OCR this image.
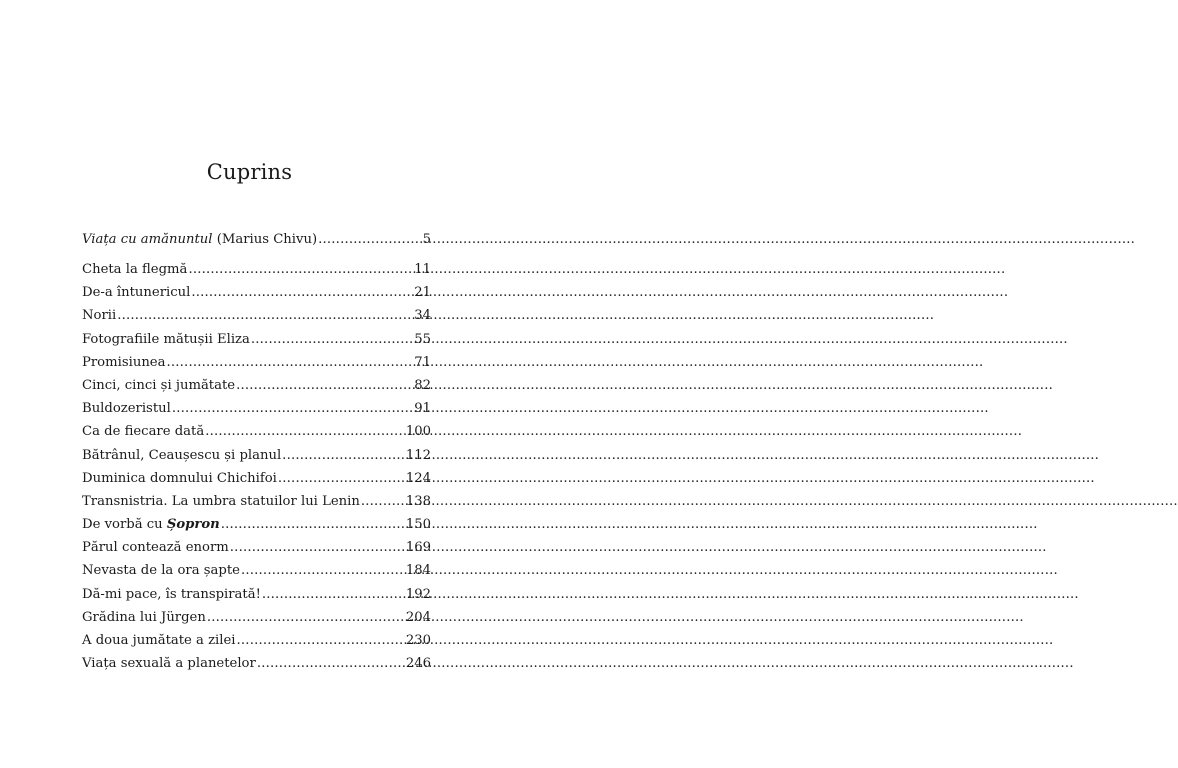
Cuprins
Viața cu amănuntul (Marius Chivu) .....	5
Cheta la flegmă .....	11
De-a întunericul .....	21
Norii .....	34
Fotografiile mătușii Eliza .....	55
Promisiunea .....	71
Cinci, cinci și jumătate .....	82
Buldozeristul .....	91
Ca de fiecare dată .....	100
Bătrânul, Ceaușescu și planul .....	112
Duminica domnului Chichifoi .....	124
Transnistria. La umbra statuilor lui Lenin .....	138
De vorbă cu Șopron .....	150
Părul contează enorm .....	169
Nevasta de la ora șapte .....	184
Dă-mi pace, îs transpirată! .....	192
Grădina lui Jürgen .....	204
A doua jumătate a zilei .....	230
Viața sexuală a planetelor .....	246
